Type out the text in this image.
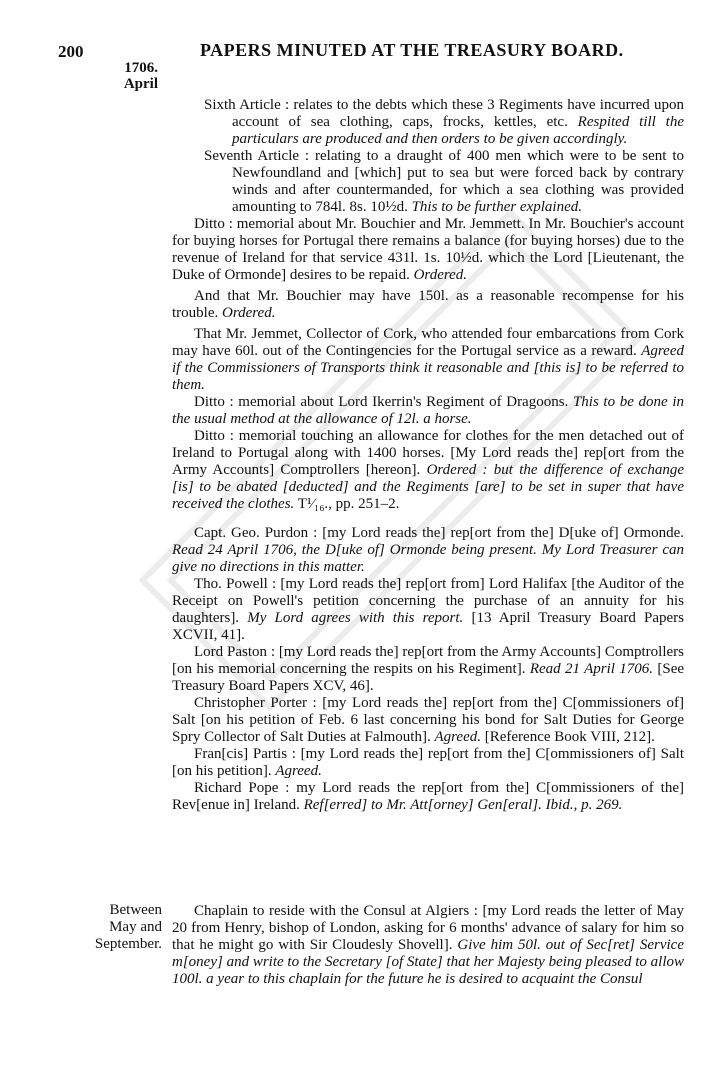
200	PAPERS MINUTED AT THE TREASURY BOARD.
1706.
April

Sixth Article : relates to the debts which these 3 Regiments have incurred upon account of sea clothing, caps, frocks, kettles, etc. Respited till the particulars are produced and then orders to be given accordingly.

Seventh Article : relating to a draught of 400 men which were to be sent to Newfoundland and [which] put to sea but were forced back by contrary winds and after countermanded, for which a sea clothing was provided amounting to 784l. 8s. 10½d. This to be further explained.

Ditto : memorial about Mr. Bouchier and Mr. Jemmett. In Mr. Bouchier's account for buying horses for Portugal there remains a balance (for buying horses) due to the revenue of Ireland for that service 431l. 1s. 10½d. which the Lord [Lieutenant, the Duke of Ormonde] desires to be repaid. Ordered.

And that Mr. Bouchier may have 150l. as a reasonable recompense for his trouble. Ordered.

That Mr. Jemmet, Collector of Cork, who attended four embarcations from Cork may have 60l. out of the Contingencies for the Portugal service as a reward. Agreed if the Commissioners of Transports think it reasonable and [this is] to be referred to them.

Ditto : memorial about Lord Ikerrin's Regiment of Dragoons. This to be done in the usual method at the allowance of 12l. a horse.

Ditto : memorial touching an allowance for clothes for the men detached out of Ireland to Portugal along with 1400 horses. [My Lord reads the] rep[ort from the Army Accounts] Comptrollers [hereon]. Ordered : but the difference of exchange [is] to be abated [deducted] and the Regiments [are] to be set in super that have received the clothes. T¹⁄₁₆., pp. 251–2.

Capt. Geo. Purdon : [my Lord reads the] rep[ort from the] D[uke of] Ormonde. Read 24 April 1706, the D[uke of] Ormonde being present. My Lord Treasurer can give no directions in this matter.

Tho. Powell : [my Lord reads the] rep[ort from] Lord Halifax [the Auditor of the Receipt on Powell's petition concerning the purchase of an annuity for his daughters]. My Lord agrees with this report. [13 April Treasury Board Papers XCVII, 41].

Lord Paston : [my Lord reads the] rep[ort from the Army Accounts] Comptrollers [on his memorial concerning the respits on his Regiment]. Read 21 April 1706. [See Treasury Board Papers XCV, 46].

Christopher Porter : [my Lord reads the] rep[ort from the] C[ommissioners of] Salt [on his petition of Feb. 6 last concerning his bond for Salt Duties for George Spry Collector of Salt Duties at Falmouth]. Agreed. [Reference Book VIII, 212].

Fran[cis] Partis : [my Lord reads the] rep[ort from the] C[ommissioners of] Salt [on his petition]. Agreed.

Richard Pope : my Lord reads the rep[ort from the] C[ommissioners of the] Rev[enue in] Ireland. Ref[erred] to Mr. Att[orney] Gen[eral]. Ibid., p. 269.

Between
May and
September.

Chaplain to reside with the Consul at Algiers : [my Lord reads the letter of May 20 from Henry, bishop of London, asking for 6 months' advance of salary for him so that he might go with Sir Cloudesly Shovell]. Give him 50l. out of Sec[ret] Service m[oney] and write to the Secretary [of State] that her Majesty being pleased to allow 100l. a year to this chaplain for the future he is desired to acquaint the Consul
